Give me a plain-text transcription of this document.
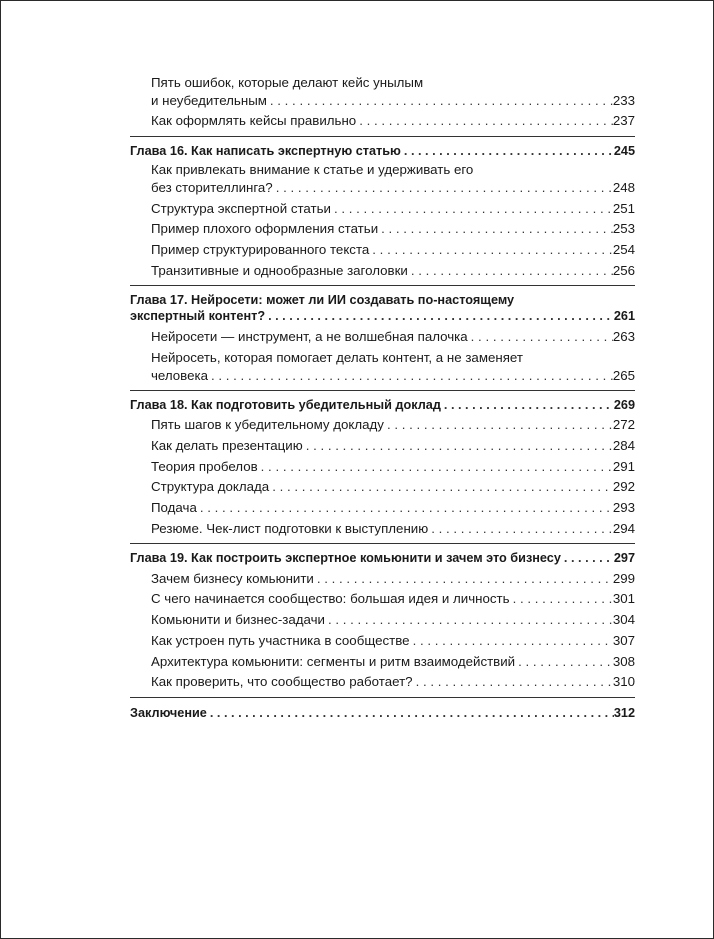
Пять ошибок, которые делают кейс унылым
и неубедительным . . .	233
Как оформлять кейсы правильно . . .	237
Глава 16. Как написать экспертную статью . . .	245
Как привлекать внимание к статье и удерживать его
без сторителлинга? . . .	248
Структура экспертной статьи . . .	251
Пример плохого оформления статьи . . .	253
Пример структурированного текста . . .	254
Транзитивные и однообразные заголовки . . .	256
Глава 17. Нейросети: может ли ИИ создавать по-настоящему
экспертный контент? . . .	261
Нейросети — инструмент, а не волшебная палочка . . .	263
Нейросеть, которая помогает делать контент, а не заменяет
человека . . .	265
Глава 18. Как подготовить убедительный доклад . . .	269
Пять шагов к убедительному докладу . . .	272
Как делать презентацию . . .	284
Теория пробелов . . .	291
Структура доклада . . .	292
Подача . . .	293
Резюме. Чек-лист подготовки к выступлению . . .	294
Глава 19. Как построить экспертное комьюнити и зачем это бизнесу . . .	297
Зачем бизнесу комьюнити . . .	299
С чего начинается сообщество: большая идея и личность . . .	301
Комьюнити и бизнес-задачи . . .	304
Как устроен путь участника в сообществе . . .	307
Архитектура комьюнити: сегменты и ритм взаимодействий . . .	308
Как проверить, что сообщество работает? . . .	310
Заключение . . .	312
